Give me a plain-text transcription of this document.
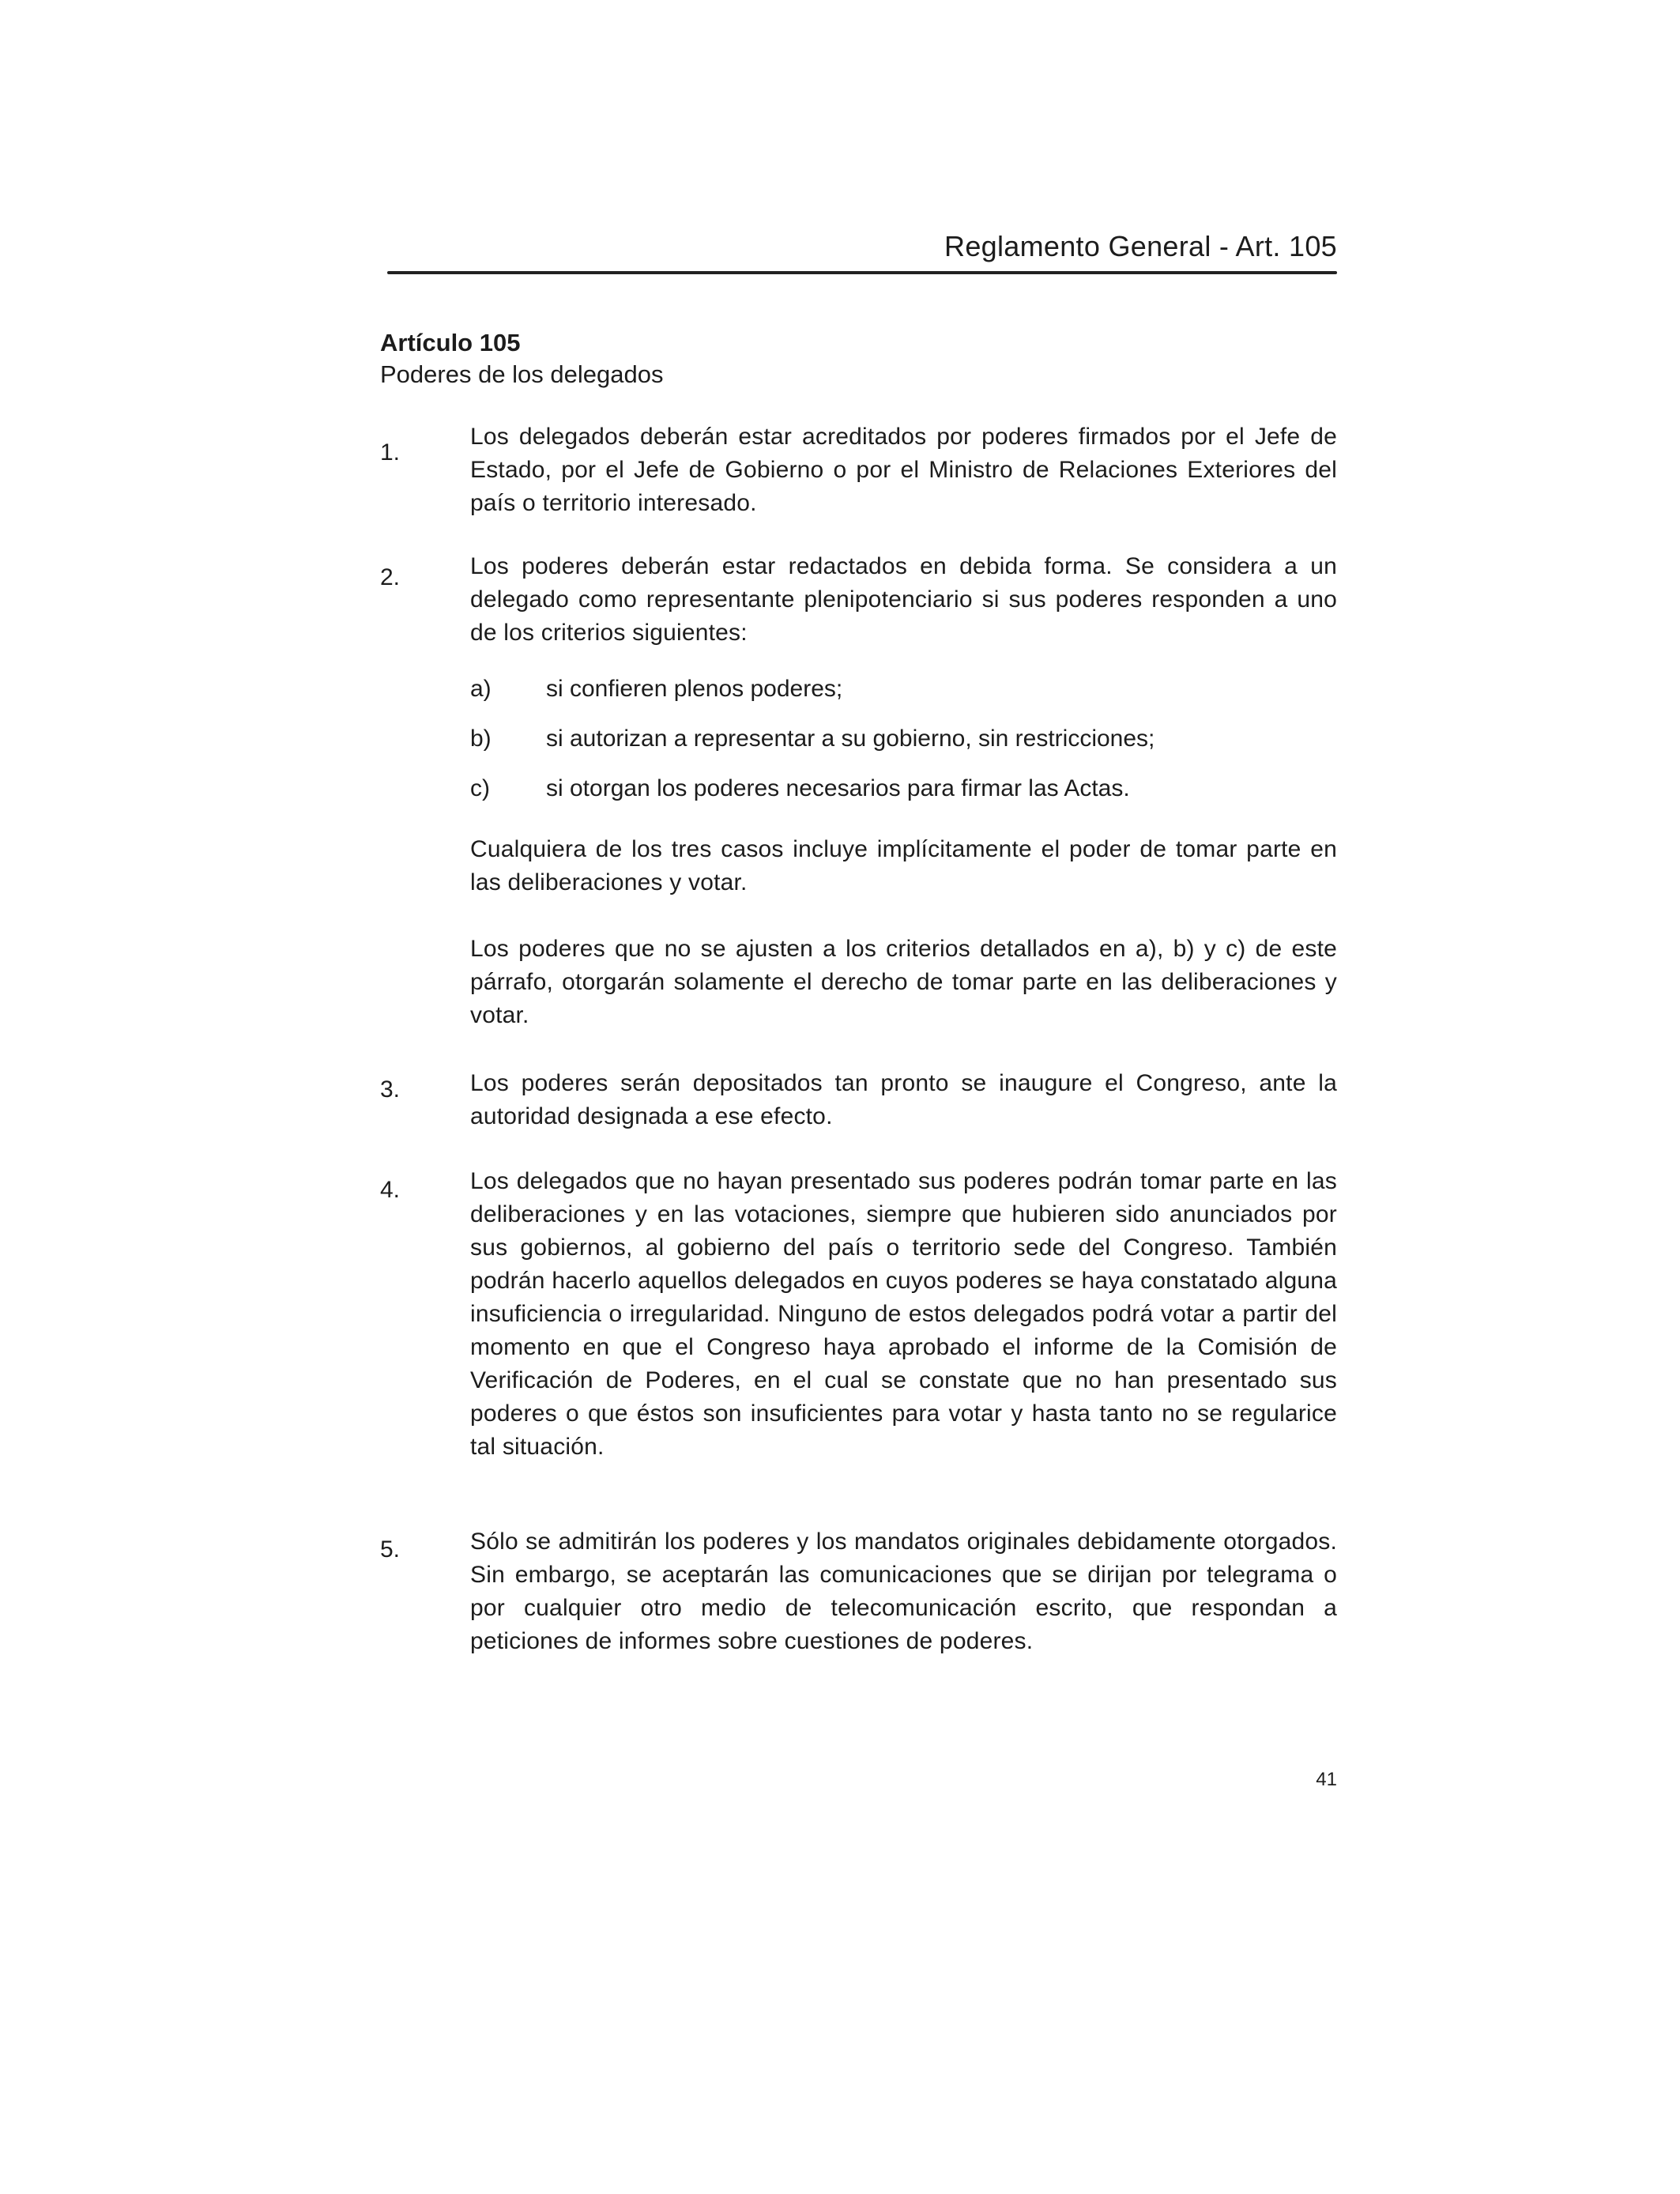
Reglamento General - Art. 105
Artículo 105
Poderes de los delegados
1.
Los delegados deberán estar acreditados por poderes firmados por el Jefe de Estado, por el Jefe de Gobierno o por el Ministro de Relaciones Exteriores del país o territorio interesado.
2.	Los poderes deberán estar redactados en debida forma. Se considera a un delegado como representante plenipotenciario si sus poderes responden a uno de los criterios siguientes:
a) si confieren plenos poderes;
b) si autorizan a representar a su gobierno, sin restricciones;
c) si otorgan los poderes necesarios para firmar las Actas.
Cualquiera de los tres casos incluye implícitamente el poder de tomar parte en las deliberaciones y votar.
Los poderes que no se ajusten a los criterios detallados en a), b) y c) de este párrafo, otorgarán solamente el derecho de tomar parte en las deliberaciones y votar.
3.	Los poderes serán depositados tan pronto se inaugure el Congreso, ante la autoridad designada a ese efecto.
4.	Los delegados que no hayan presentado sus poderes podrán tomar parte en las deliberaciones y en las votaciones, siempre que hubieren sido anunciados por sus gobiernos, al gobierno del país o territorio sede del Congreso. También podrán hacerlo aquellos delegados en cuyos poderes se haya constatado alguna insuficiencia o irregularidad. Ninguno de estos delegados podrá votar a partir del momento en que el Congreso haya aprobado el informe de la Comisión de Verificación de Poderes, en el cual se constate que no han presentado sus poderes o que éstos son insuficientes para votar y hasta tanto no se regularice tal situación.
5.	Sólo se admitirán los poderes y los mandatos originales debidamente otorgados. Sin embargo, se aceptarán las comunicaciones que se dirijan por telegrama o por cualquier otro medio de telecomunicación escrito, que respondan a peticiones de informes sobre cuestiones de poderes.
41
